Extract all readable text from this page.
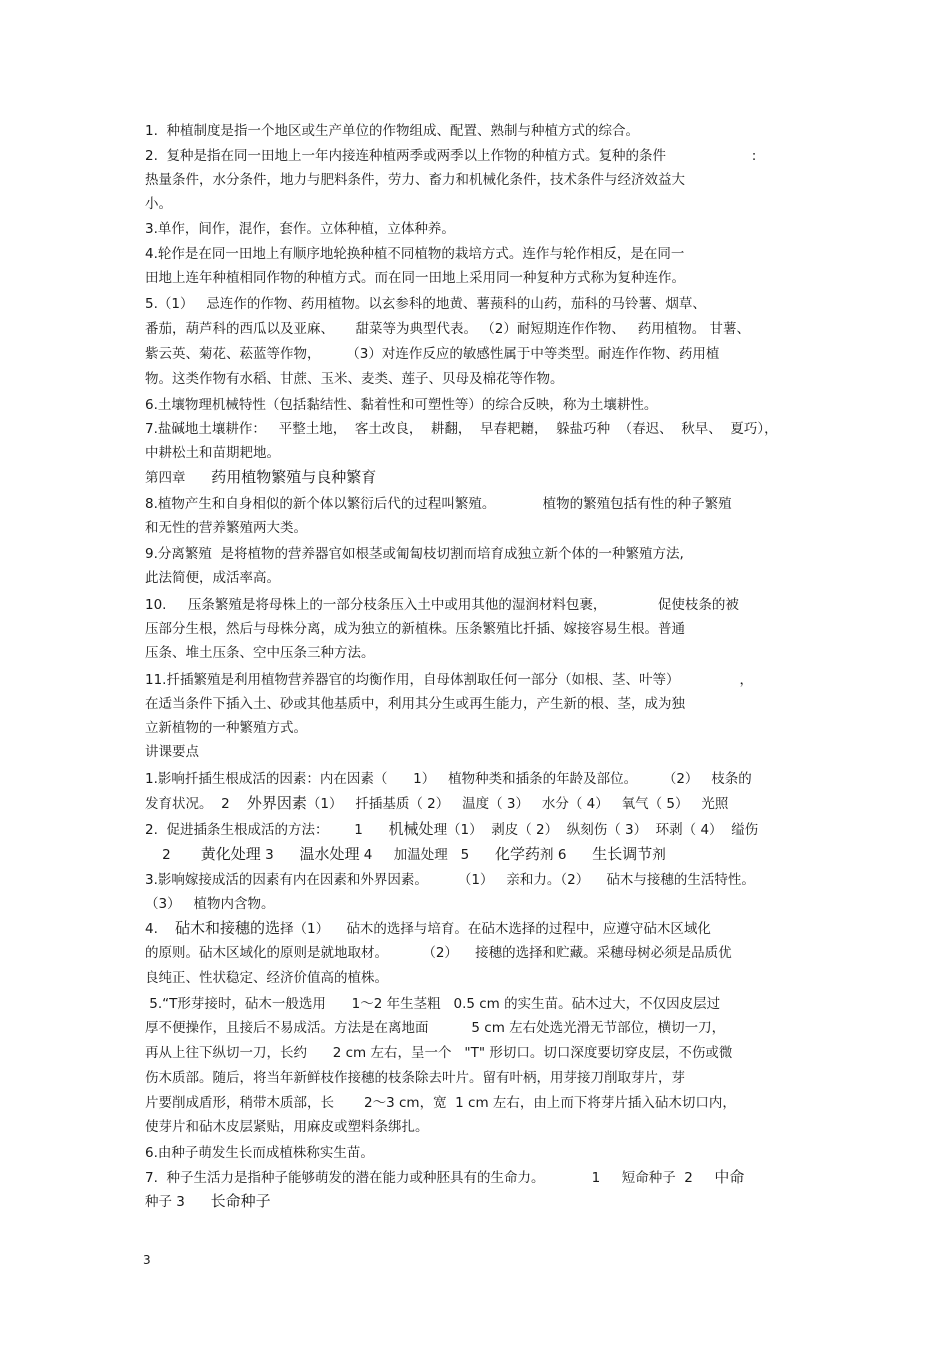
1.  种植制度是指一个地区或生产单位的作物组成、配置、熟制与种植方式的综合。
2.  复种是指在同一田地上一年内接连种植两季或两季以上作物的种植方式。复种的条件                    :
热量条件，水分条件，地力与肥料条件，劳力、畜力和机械化条件，技术条件与经济效益大
小。
3.单作，间作，混作，套作。立体种植，立体种养。
4.轮作是在同一田地上有顺序地轮换种植不同植物的栽培方式。连作与轮作相反，是在同一
田地上连年种植相同作物的种植方式。而在同一田地上采用同一种复种方式称为复种连作。
5.（1）   忌连作的作物、药用植物。以玄参科的地黄、薯蓣科的山药，茄科的马铃薯、烟草、
番茄，葫芦科的西瓜以及亚麻、     甜菜等为典型代表。 （2）耐短期连作作物、   药用植物。 甘薯、
紫云英、菊花、菘蓝等作物，      （3）对连作反应的敏感性属于中等类型。耐连作作物、药用植
物。这类作物有水稻、甘蔗、玉米、麦类、莲子、贝母及棉花等作物。
6.土壤物理机械特性（包括黏结性、黏着性和可塑性等）的综合反映，称为土壤耕性。
7.盐碱地土壤耕作：   平整土地，  客土改良，  耕翻，  早春耙耱，  躲盐巧种  （春迟、  秋早、  夏巧），
中耕松土和苗期耙地。
第四章      药用植物繁殖与良种繁育
8.植物产生和自身相似的新个体以繁衍后代的过程叫繁殖。           植物的繁殖包括有性的种子繁殖
和无性的营养繁殖两大类。
9.分离繁殖  是将植物的营养器官如根茎或匍匐枝切割而培育成独立新个体的一种繁殖方法,
此法简便，成活率高。
10.     压条繁殖是将母株上的一部分枝条压入土中或用其他的湿润材料包裹，            促使枝条的被
压部分生根，然后与母株分离，成为独立的新植株。压条繁殖比扦插、嫁接容易生根。普通
压条、堆土压条、空中压条三种方法。
11.扦插繁殖是利用植物营养器官的均衡作用，自母体割取任何一部分（如根、茎、叶等）              ，
在适当条件下插入土、砂或其他基质中，利用其分生或再生能力，产生新的根、茎，成为独
立新植物的一种繁殖方式。
讲课要点
1.影响扦插生根成活的因素：内在因素（      1）   植物种类和插条的年龄及部位。      （2）   枝条的
发育状况。  2    外界因素（1）   扦插基质（ 2）   温度（ 3）   水分（ 4）   氧气（ 5）   光照
2.  促进插条生根成活的方法：      1      机械处理（1）  剥皮（ 2）  纵刻伤（ 3）  环剥（ 4）  缢伤
2       黄化处理 3      温水处理 4     加温处理   5      化学药剂 6      生长调节剂
3.影响嫁接成活的因素有内在因素和外界因素。       （1）   亲和力。（2）    砧木与接穗的生活特性。
（3）   植物内含物。
4.    砧木和接穗的选择（1）    砧木的选择与培育。在砧木选择的过程中，应遵守砧木区域化
的原则。砧木区域化的原则是就地取材。        （2）    接穗的选择和贮藏。采穗母树必须是品质优
良纯正、性状稳定、经济价值高的植株。
5.“T形芽接时，砧木一般选用      1～2 年生茎粗   0.5 cm 的实生苗。砧木过大，不仅因皮层过
厚不便操作，且接后不易成活。方法是在离地面          5 cm 左右处选光滑无节部位，横切一刀，
再从上往下纵切一刀，长约      2 cm 左右，呈一个   "T" 形切口。切口深度要切穿皮层，不伤或微
伤木质部。随后，将当年新鲜枝作接穗的枝条除去叶片。留有叶柄，用芽接刀削取芽片，芽
片要削成盾形，稍带木质部，长       2～3 cm，宽  1 cm 左右，由上而下将芽片插入砧木切口内，
使芽片和砧木皮层紧贴，用麻皮或塑料条绑扎。
6.由种子萌发生长而成植株称实生苗。
7.  种子生活力是指种子能够萌发的潜在能力或种胚具有的生命力。           1     短命种子  2     中命
种子 3      长命种子
3
